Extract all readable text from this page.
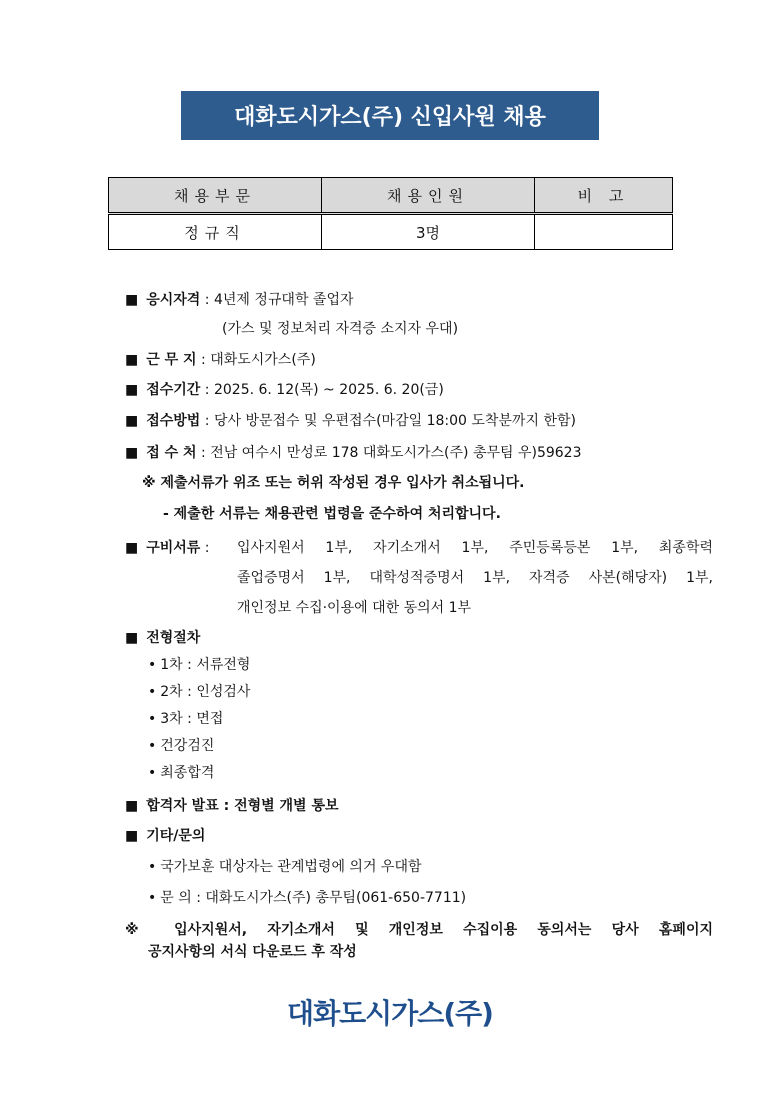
대화도시가스(주) 신입사원 채용
채용부문	채용인원	비 고
정규직	3명	
■ 응시자격 : 4년제 정규대학 졸업자
(가스 및 정보처리 자격증 소지자 우대)
■ 근 무 지 : 대화도시가스(주)
■ 접수기간 : 2025. 6. 12(목) ~ 2025. 6. 20(금)
■ 접수방법 : 당사 방문접수 및 우편접수(마감일 18:00 도착분까지 한함)
■ 접 수 처 : 전남 여수시 만성로 178 대화도시가스(주) 총무팀 우)59623
※ 제출서류가 위조 또는 허위 작성된 경우 입사가 취소됩니다.
- 제출한 서류는 채용관련 법령을 준수하여 처리합니다.
■ 구비서류 : 입사지원서 1부, 자기소개서 1부, 주민등록등본 1부, 최종학력
졸업증명서 1부, 대학성적증명서 1부, 자격증 사본(해당자) 1부,
개인정보 수집·이용에 대한 동의서 1부
■ 전형절차
• 1차 : 서류전형
• 2차 : 인성검사
• 3차 : 면접
• 건강검진
• 최종합격
■ 합격자 발표 : 전형별 개별 통보
■ 기타/문의
• 국가보훈 대상자는 관계법령에 의거 우대함
• 문 의 : 대화도시가스(주) 총무팀(061-650-7711)
※ 입사지원서, 자기소개서 및 개인정보 수집이용 동의서는 당사 홈페이지
공지사항의 서식 다운로드 후 작성
대화도시가스(주)
